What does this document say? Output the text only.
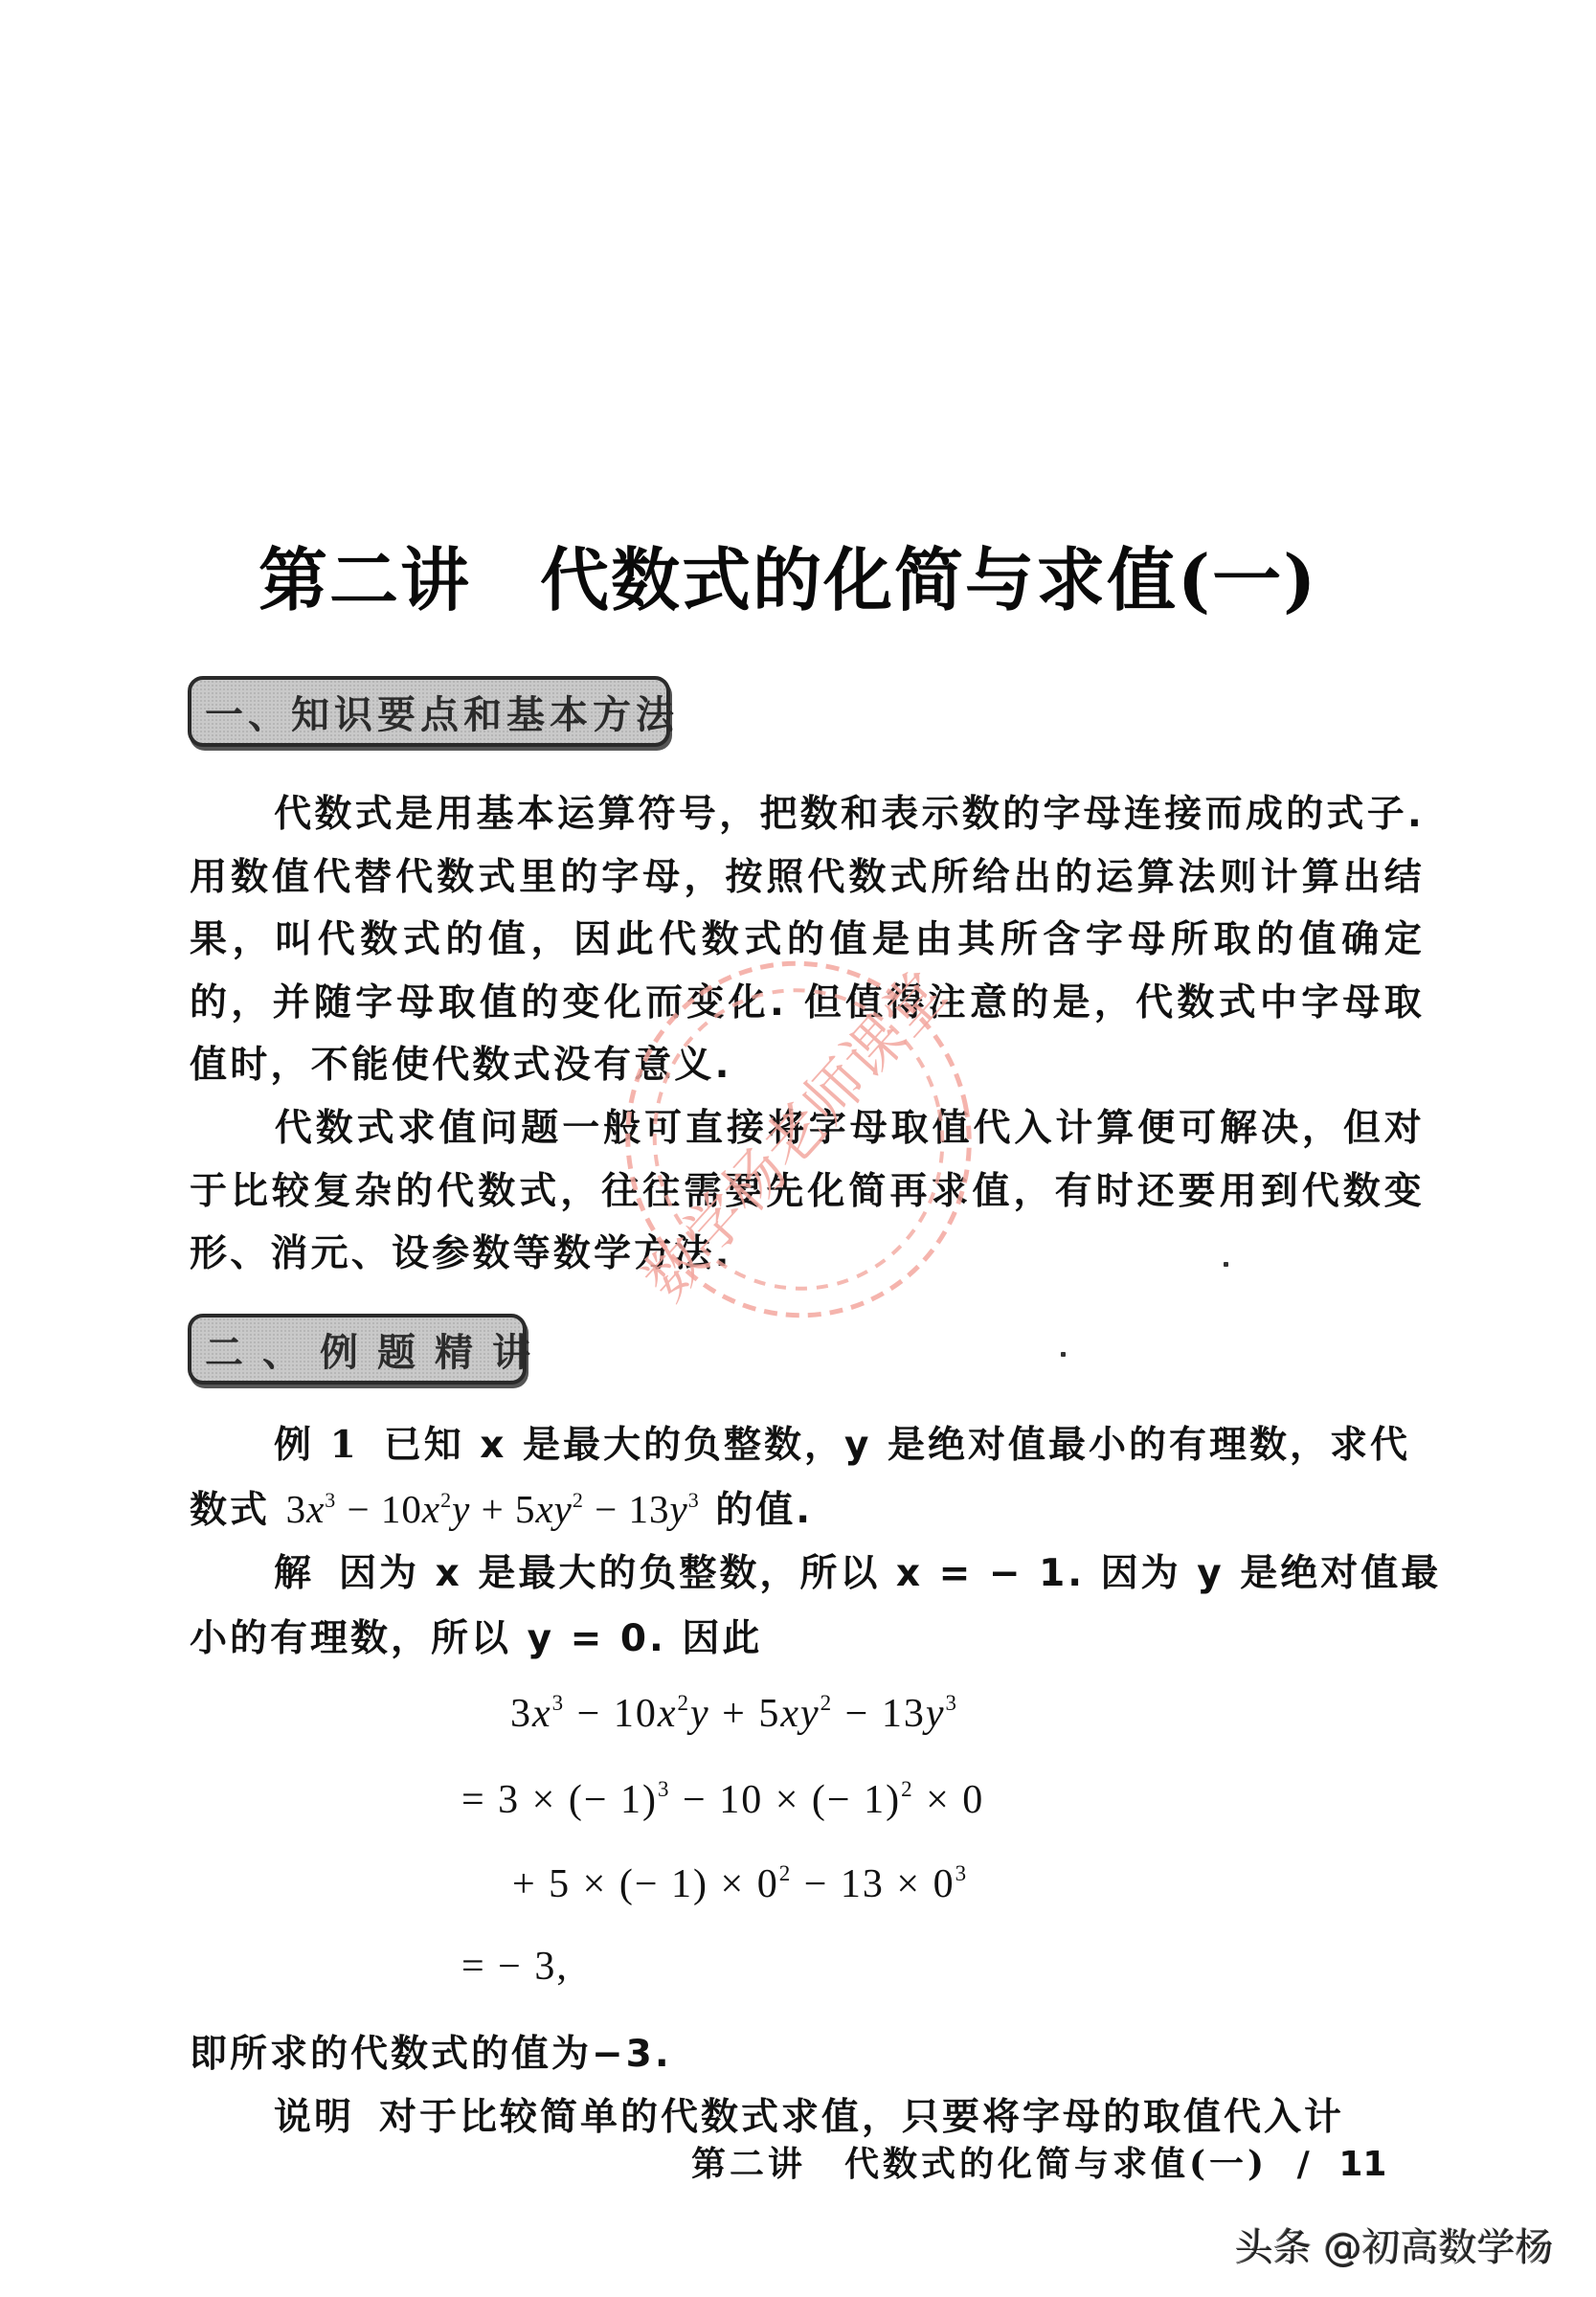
第二讲 代数式的化简与求值(一)
一、知识要点和基本方法
代数式是用基本运算符号，把数和表示数的字母连接而成的式子. 用数值代替代数式里的字母，按照代数式所给出的运算法则计算出结果，叫代数式的值，因此代数式的值是由其所含字母所取的值确定的，并随字母取值的变化而变化. 但值得注意的是，代数式中字母取值时，不能使代数式没有意义.
代数式求值问题一般可直接将字母取值代入计算便可解决，但对于比较复杂的代数式，往往需要先化简再求值，有时还要用到代数变形、消元、设参数等数学方法.
二、例题精讲
例 1 已知 x 是最大的负整数，y 是绝对值最小的有理数，求代
数式 $3x^3 - 10x^2y + 5xy^2 - 13y^3$ 的值.
解 因为 x 是最大的负整数，所以 x = − 1. 因为 y 是绝对值最
小的有理数，所以 y = 0. 因此
$3x^3 - 10x^2y + 5xy^2 - 13y^3$
= 3 × (− 1)$^3$ − 10 × (− 1)$^2$ × 0
+ 5 × (− $1) \times 0^2 - 13 \times 0^3$
= − 3,
即所求的代数式的值为−3.
说明 对于比较简单的代数式求值，只要将字母的取值代入计
第二讲 代数式的化简与求值(一) / 11
头条 @初高数学杨
数学杨老师课堂
